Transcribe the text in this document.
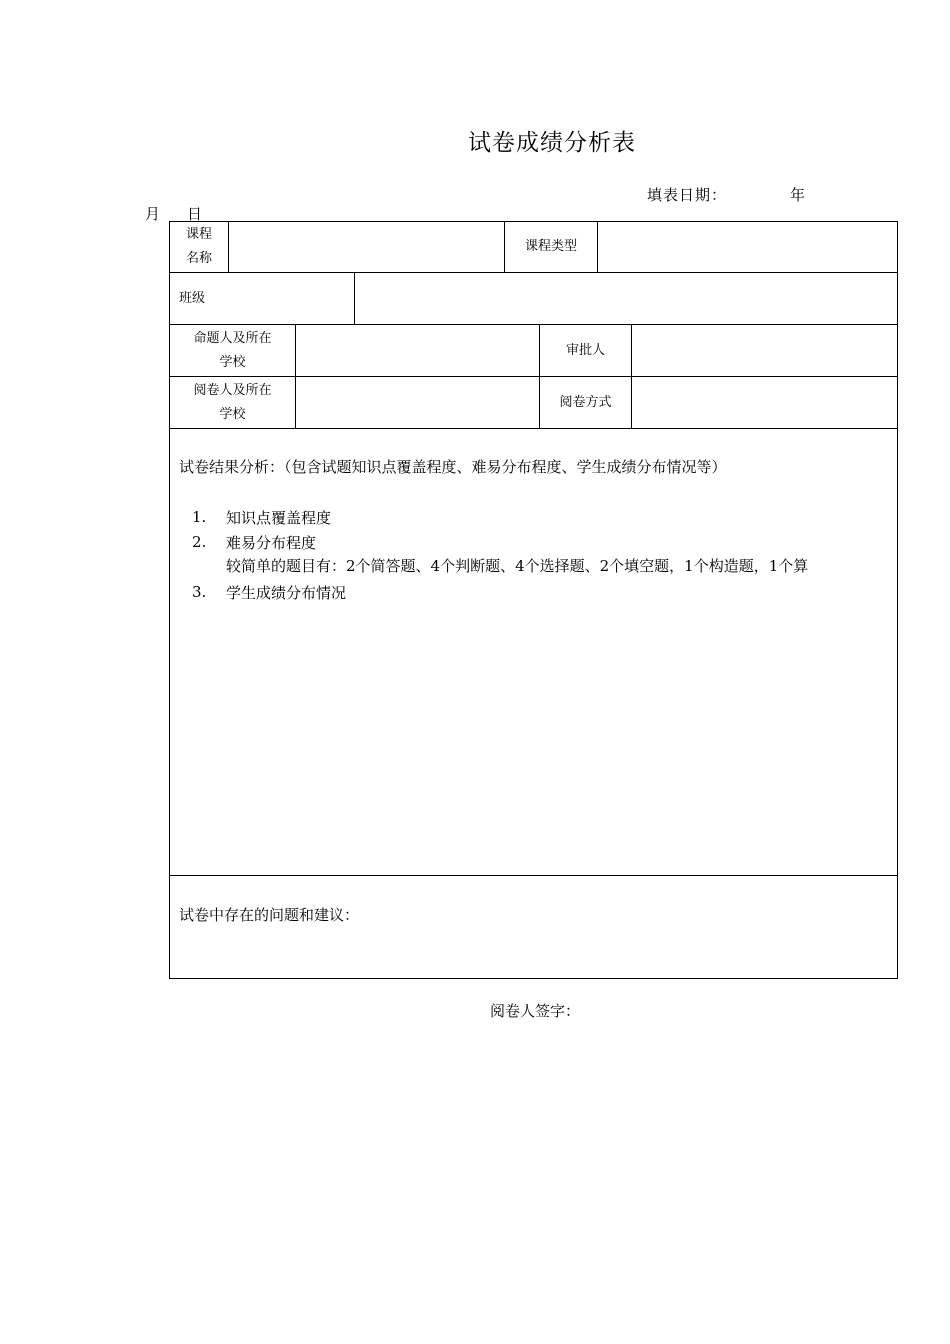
试卷成绩分析表
填表日期：	年
月 日
课程
名称
课程类型
班级
命题人及所在
学校
审批人
阅卷人及所在
学校
阅卷方式
试卷结果分析：（包含试题知识点覆盖程度、难易分布程度、学生成绩分布情况等）
1. 知识点覆盖程度
2. 难易分布程度
较简单的题目有：2个简答题、4个判断题、4个选择题、2个填空题，1个构造题，1个算
3. 学生成绩分布情况
试卷中存在的问题和建议：
阅卷人签字：
